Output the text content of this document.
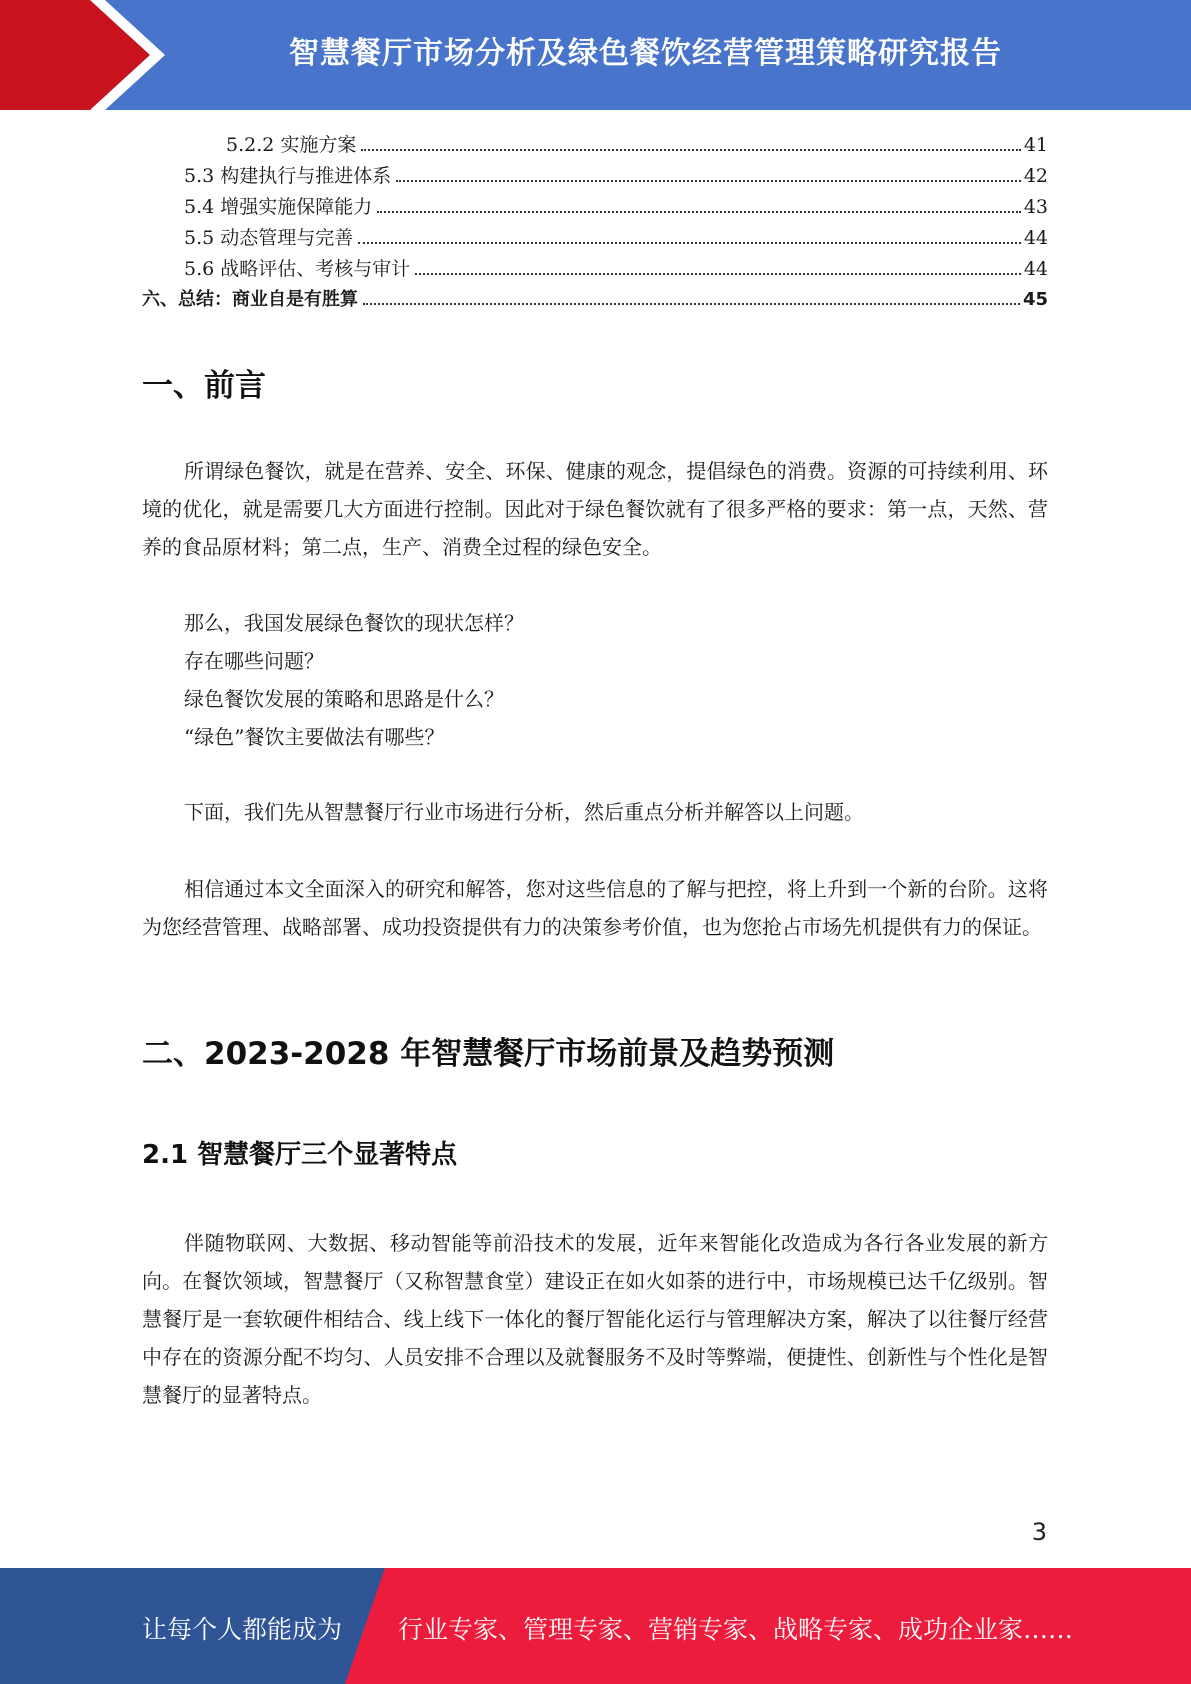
智慧餐厅市场分析及绿色餐饮经营管理策略研究报告
5.2.2 实施方案	41
5.3 构建执行与推进体系	42
5.4 增强实施保障能力	43
5.5 动态管理与完善	44
5.6 战略评估、考核与审计	44
六、总结：商业自是有胜算	45
一、前言

所谓绿色餐饮，就是在营养、安全、环保、健康的观念，提倡绿色的消费。资源的可持续利用、环境的优化，就是需要几大方面进行控制。因此对于绿色餐饮就有了很多严格的要求：第一点，天然、营养的食品原材料；第二点，生产、消费全过程的绿色安全。

那么，我国发展绿色餐饮的现状怎样？
存在哪些问题？
绿色餐饮发展的策略和思路是什么？
“绿色”餐饮主要做法有哪些？

下面，我们先从智慧餐厅行业市场进行分析，然后重点分析并解答以上问题。

相信通过本文全面深入的研究和解答，您对这些信息的了解与把控，将上升到一个新的台阶。这将为您经营管理、战略部署、成功投资提供有力的决策参考价值，也为您抢占市场先机提供有力的保证。

二、2023-2028 年智慧餐厅市场前景及趋势预测
2.1 智慧餐厅三个显著特点

伴随物联网、大数据、移动智能等前沿技术的发展，近年来智能化改造成为各行各业发展的新方向。在餐饮领域，智慧餐厅（又称智慧食堂）建设正在如火如荼的进行中，市场规模已达千亿级别。智慧餐厅是一套软硬件相结合、线上线下一体化的餐厅智能化运行与管理解决方案，解决了以往餐厅经营中存在的资源分配不均匀、人员安排不合理以及就餐服务不及时等弊端，便捷性、创新性与个性化是智慧餐厅的显著特点。

3
让每个人都能成为 行业专家、管理专家、营销专家、战略专家、成功企业家……
